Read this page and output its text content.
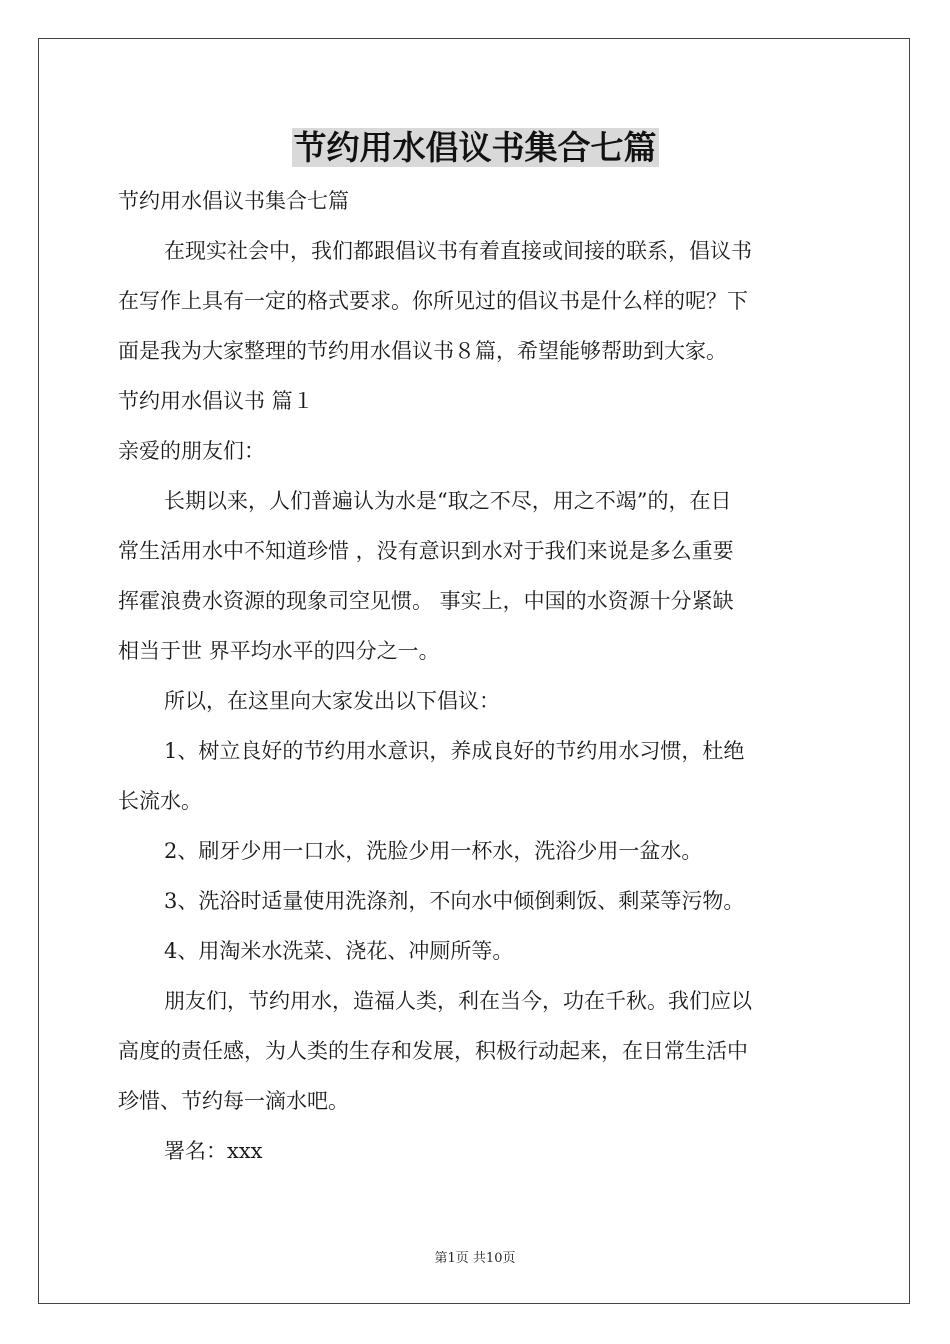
节约用水倡议书集合七篇

节约用水倡议书集合七篇

在现实社会中，我们都跟倡议书有着直接或间接的联系，倡议书

在写作上具有一定的格式要求。你所见过的倡议书是什么样的呢？下

面是我为大家整理的节约用水倡议书８篇，希望能够帮助到大家。

节约用水倡议书 篇１

亲爱的朋友们：

长期以来，人们普遍认为水是“取之不尽，用之不竭”的，在日

常生活用水中不知道珍惜 ，没有意识到水对于我们来说是多么重要

挥霍浪费水资源的现象司空见惯。 事实上，中国的水资源十分紧缺

相当于世 界平均水平的四分之一。

所以，在这里向大家发出以下倡议：

1、树立良好的节约用水意识，养成良好的节约用水习惯，杜绝

长流水。

2、刷牙少用一口水，洗脸少用一杯水，洗浴少用一盆水。

3、洗浴时适量使用洗涤剂，不向水中倾倒剩饭、剩菜等污物。

4、用淘米水洗菜、浇花、冲厕所等。

朋友们，节约用水，造福人类，利在当今，功在千秋。我们应以

高度的责任感，为人类的生存和发展，积极行动起来，在日常生活中

珍惜、节约每一滴水吧。

署名：xxx

第1页 共10页
